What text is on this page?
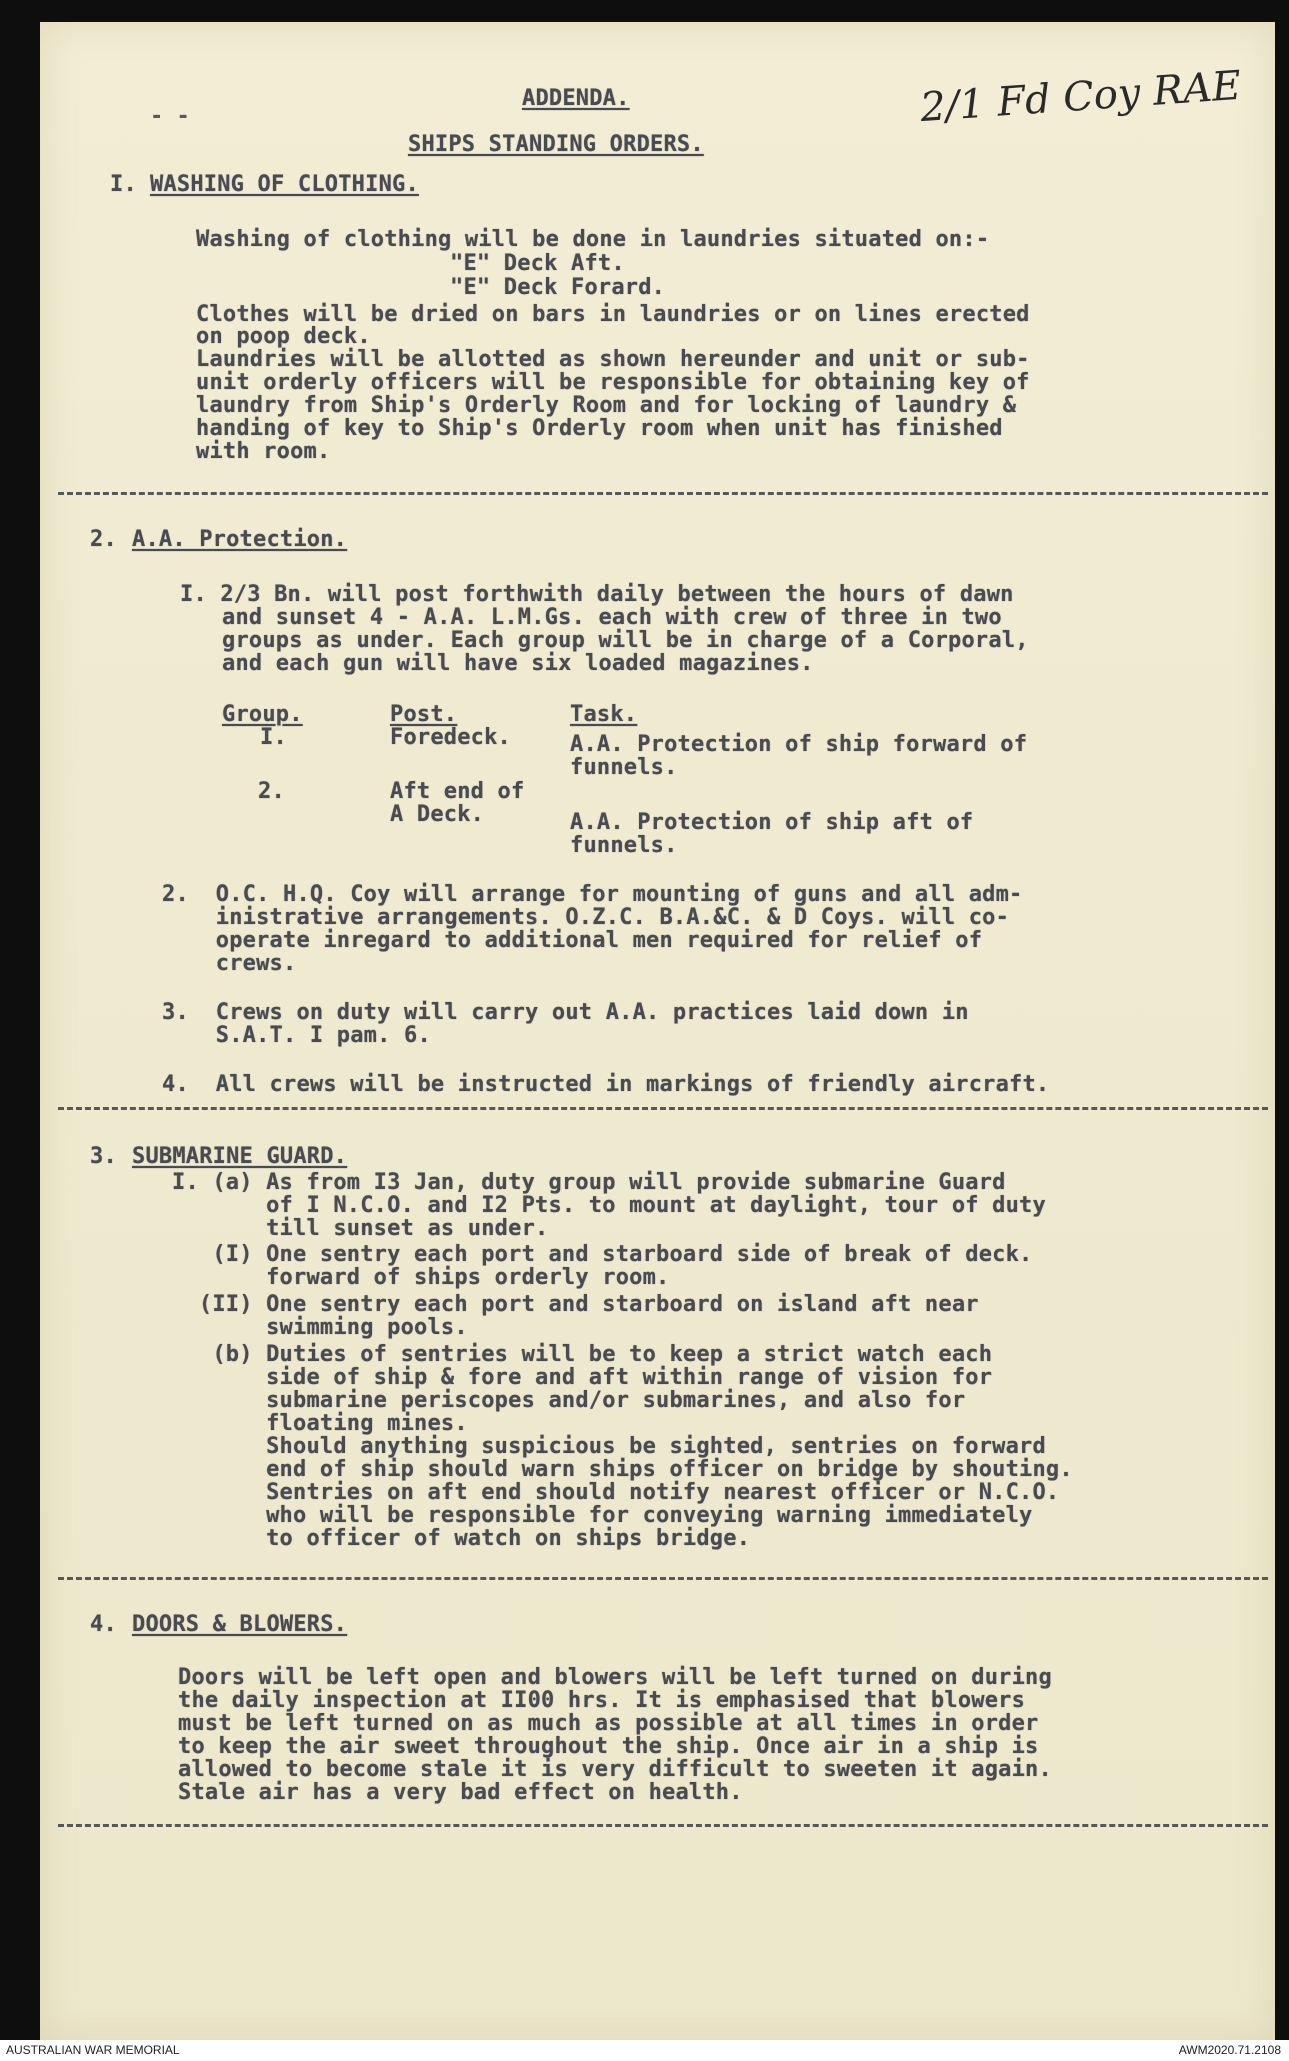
ADDENDA.
SHIPS STANDING ORDERS.
2/1 Fd Coy RAE
- -
I. WASHING OF CLOTHING.
Washing of clothing will be done in laundries situated on:-
"E" Deck Aft.
"E" Deck Forard.
Clothes will be dried on bars in laundries or on lines erected
on poop deck.
Laundries will be allotted as shown hereunder and unit or sub-
unit orderly officers will be responsible for obtaining key of
laundry from Ship's Orderly Room and for locking of laundry &
handing of key to Ship's Orderly room when unit has finished
with room.
2. A.A. Protection.
I. 2/3 Bn. will post forthwith daily between the hours of dawn
and sunset 4 - A.A. L.M.Gs. each with crew of three in two
groups as under. Each group will be in charge of a Corporal,
and each gun will have six loaded magazines.
Group.	Post.	Task.
I.	Foredeck.	A.A. Protection of ship forward of
funnels.
2.	Aft end of
A Deck.	A.A. Protection of ship aft of
funnels.
2.  O.C. H.Q. Coy will arrange for mounting of guns and all adm-
inistrative arrangements. O.Z.C. B.A.&C. & D Coys. will co-
operate inregard to additional men required for relief of
crews.
3.  Crews on duty will carry out A.A. practices laid down in
S.A.T. I pam. 6.
4.  All crews will be instructed in markings of friendly aircraft.
3. SUBMARINE GUARD.
I. (a) As from I3 Jan, duty group will provide submarine Guard
of I N.C.O. and I2 Pts. to mount at daylight, tour of duty
till sunset as under.
(I) One sentry each port and starboard side of break of deck.
forward of ships orderly room.
(II) One sentry each port and starboard on island aft near
swimming pools.
(b) Duties of sentries will be to keep a strict watch each
side of ship & fore and aft within range of vision for
submarine periscopes and/or submarines, and also for
floating mines.
Should anything suspicious be sighted, sentries on forward
end of ship should warn ships officer on bridge by shouting.
Sentries on aft end should notify nearest officer or N.C.O.
who will be responsible for conveying warning immediately
to officer of watch on ships bridge.
4. DOORS & BLOWERS.
Doors will be left open and blowers will be left turned on during
the daily inspection at II00 hrs. It is emphasised that blowers
must be left turned on as much as possible at all times in order
to keep the air sweet throughout the ship. Once air in a ship is
allowed to become stale it is very difficult to sweeten it again.
Stale air has a very bad effect on health.
AUSTRALIAN WAR MEMORIAL	AWM2020.71.2108
